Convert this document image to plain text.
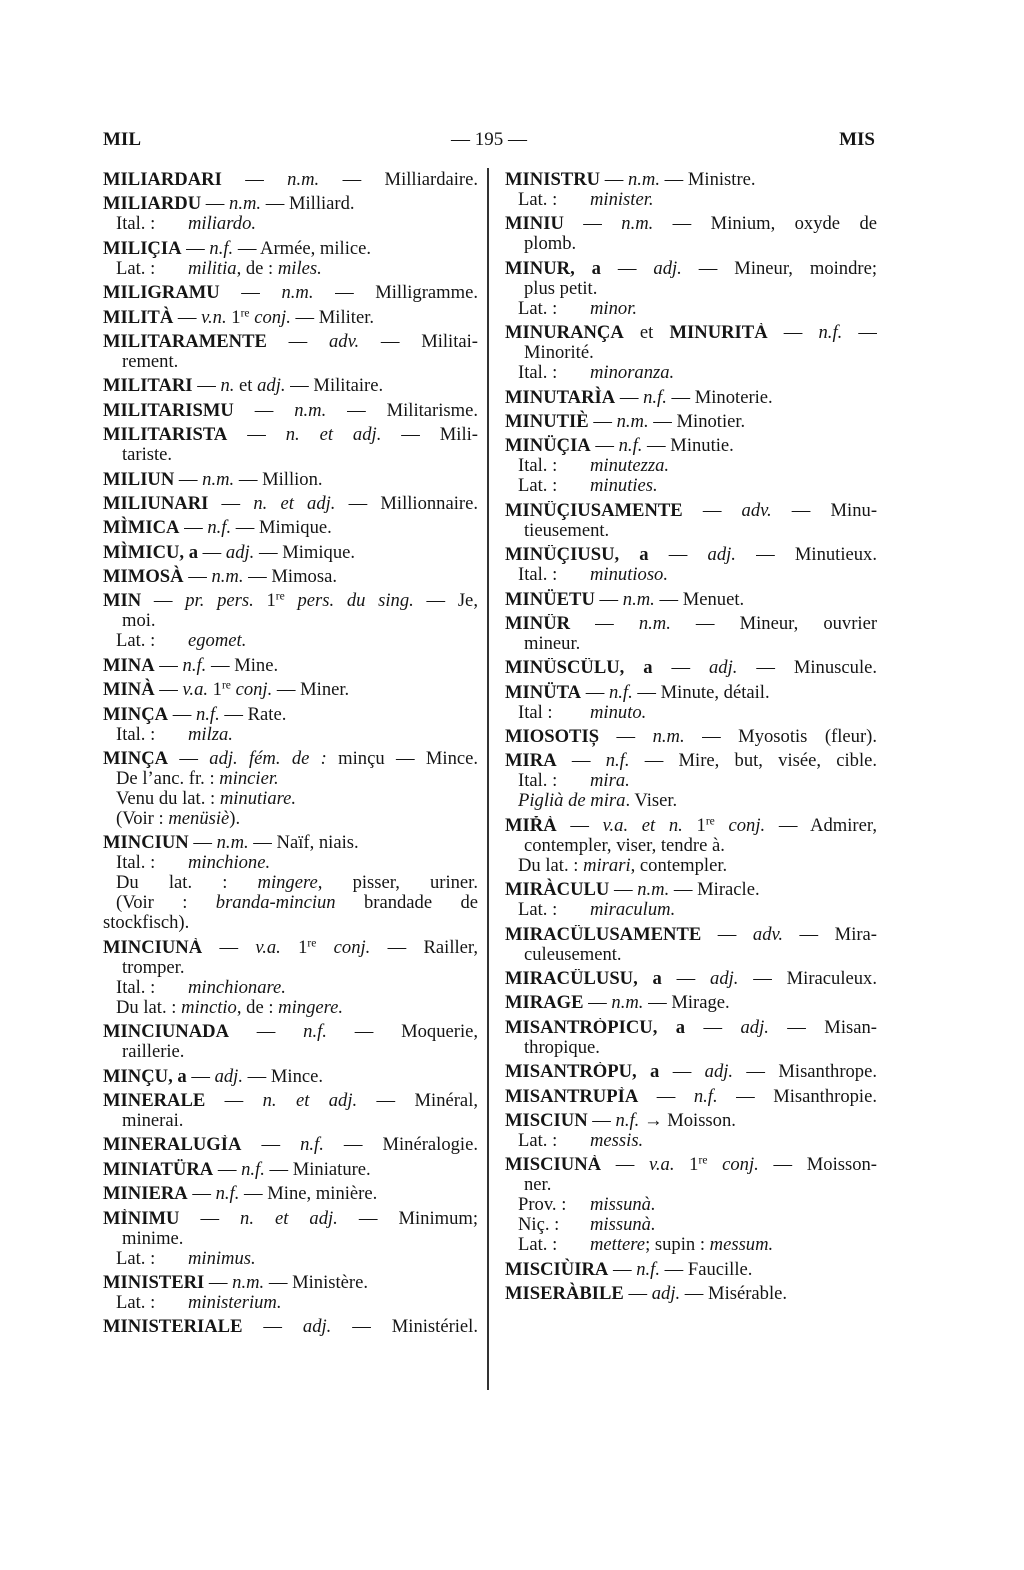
MIL	— 195 —	MIS
MILIARDARI — n.m. — Milliardaire.
MILIARDU — n.m. — Milliard.
Ital. : miliardo.
MILIÇIA — n.f. — Armée, milice.
Lat. : militia, de : miles.
MILIGRAMU — n.m. — Milligramme.
MILITÀ — v.n. 1re conj. — Militer.
MILITARAMENTE — adv. — Militai-
rement.
MILITARI — n. et adj. — Militaire.
MILITARISMU — n.m. — Militarisme.
MILITARISTA — n. et adj. — Mili-
tariste.
MILIUN — n.m. — Million.
MILIUNARI — n. et adj. — Millionnaire.
MÌMICA — n.f. — Mimique.
MÌMICU, a — adj. — Mimique.
MIMOSÀ — n.m. — Mimosa.
MIN — pr. pers. 1re pers. du sing. — Je,
moi.
Lat. : egomet.
MINA — n.f. — Mine.
MINÀ — v.a. 1re conj. — Miner.
MINÇA — n.f. — Rate.
Ital. : milza.
MINÇA — adj. fém. de : minçu — Mince.
De l’anc. fr. : mincier.
Venu du lat. : minutiare.
(Voir : menüsiè).
MINCIUN — n.m. — Naïf, niais.
Ital. : minchione.
Du lat. : mingere, pisser, uriner.
(Voir : branda-minciun brandade de
stockfisch).
MINCIUNÀ — v.a. 1re conj. — Railler,
tromper.
Ital. : minchionare.
Du lat. : minctio, de : mingere.
MINCIUNADA — n.f. — Moquerie,
raillerie.
MINÇU, a — adj. — Mince.
MINERALE — n. et adj. — Minéral,
minerai.
MINERALUGÌA — n.f. — Minéralogie.
MINIATÜRA — n.f. — Miniature.
MINIERA — n.f. — Mine, minière.
MÌNIMU — n. et adj. — Minimum;
minime.
Lat. : minimus.
MINISTERI — n.m. — Ministère.
Lat. : ministerium.
MINISTERIALE — adj. — Ministériel.
MINISTRU — n.m. — Ministre.
Lat. : minister.
MINIU — n.m. — Minium, oxyde de
plomb.
MINUR, a — adj. — Mineur, moindre;
plus petit.
Lat. : minor.
MINURANÇA et MINURITÀ — n.f. —
Minorité.
Ital. : minoranza.
MINUTARÌA — n.f. — Minoterie.
MINUTIÈ — n.m. — Minotier.
MINÜÇIA — n.f. — Minutie.
Ital. : minutezza.
Lat. : minuties.
MINÜÇIUSAMENTE — adv. — Minu-
tieusement.
MINÜÇIUSU, a — adj. — Minutieux.
Ital. : minutioso.
MINÜETU — n.m. — Menuet.
MINÜR — n.m. — Mineur, ouvrier
mineur.
MINÜSCÜLU, a — adj. — Minuscule.
MINÜTA — n.f. — Minute, détail.
Ital : minuto.
MIOSOTIȘ — n.m. — Myosotis (fleur).
MIRA — n.f. — Mire, but, visée, cible.
Ital. : mira.
Piglià de mira. Viser.
MIŘÀ — v.a. et n. 1re conj. — Admirer,
contempler, viser, tendre à.
Du lat. : mirari, contempler.
MIRÀCULU — n.m. — Miracle.
Lat. : miraculum.
MIRACÜLUSAMENTE — adv. — Mira-
culeusement.
MIRACÜLUSU, a — adj. — Miraculeux.
MIRAGE — n.m. — Mirage.
MISANTRÒPICU, a — adj. — Misan-
thropique.
MISANTRÒPU, a — adj. — Misanthrope.
MISANTRUPÌA — n.f. — Misanthropie.
MISCIUN — n.f. → Moisson.
Lat. : messis.
MISCIUNÀ — v.a. 1re conj. — Moisson-
ner.
Prov. : missunà.
Niç. : missunà.
Lat. : mettere; supin : messum.
MISCIÙIRA — n.f. — Faucille.
MISERÀBILE — adj. — Misérable.
